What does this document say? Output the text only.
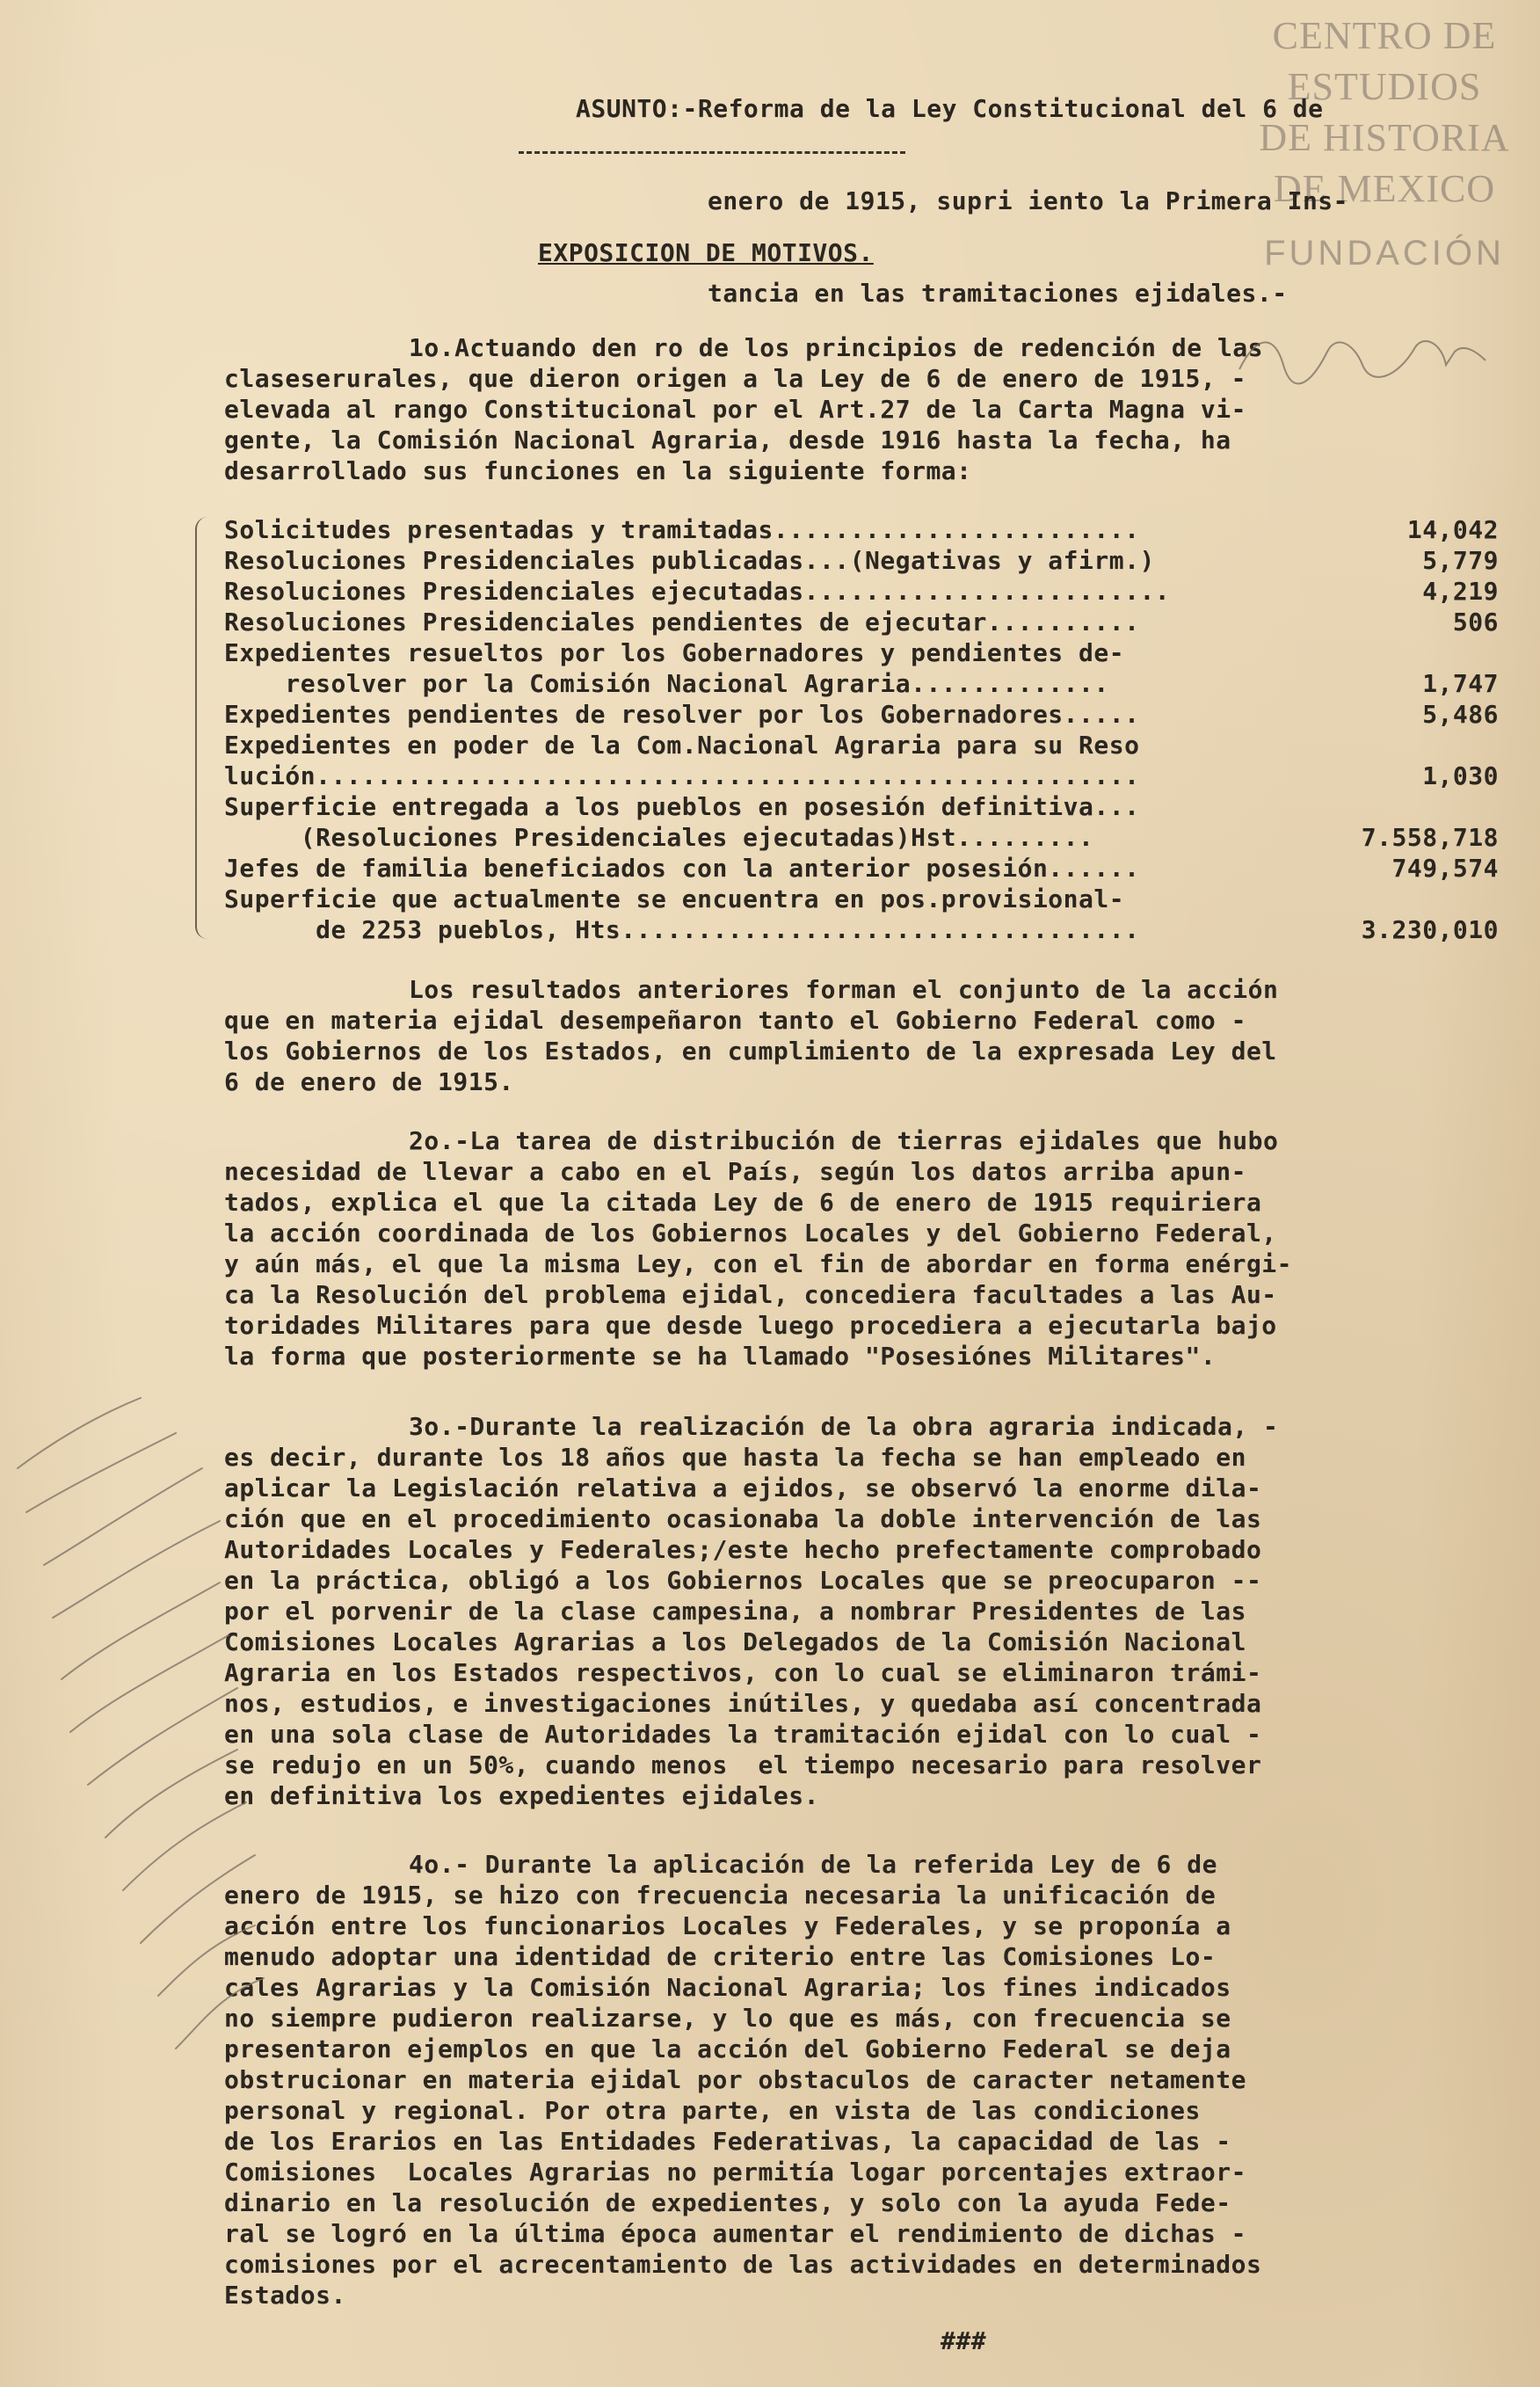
CENTRO DE
ESTUDIOS
DE HISTORIA
DE MEXICO
FUNDACIÓN

ASUNTO:-Reforma de la Ley Constitucional del 6 de

enero de 1915, supri iento la Primera Ins-

tancia en las tramitaciones ejidales.-

EXPOSICION DE MOTIVOS.
1o.Actuando den ro de los principios de redención de las
claseserurales, que dieron origen a la Ley de 6 de enero de 1915, -
elevada al rango Constitucional por el Art.27 de la Carta Magna vi-
gente, la Comisión Nacional Agraria, desde 1916 hasta la fecha, ha
desarrollado sus funciones en la siguiente forma:
Solicitudes presentadas y tramitadas........................	14,042
Resoluciones Presidenciales publicadas...(Negativas y afirm.)	5,779
Resoluciones Presidenciales ejecutadas........................	4,219
Resoluciones Presidenciales pendientes de ejecutar..........	506
Expedientes resueltos por los Gobernadores y pendientes de-
resolver por la Comisión Nacional Agraria.............	1,747
Expedientes pendientes de resolver por los Gobernadores.....	5,486
Expedientes en poder de la Com.Nacional Agraria para su Reso
lución......................................................	1,030
Superficie entregada a los pueblos en posesión definitiva...
(Resoluciones Presidenciales ejecutadas)Hst.........	7.558,718
Jefes de familia beneficiados con la anterior posesión......	749,574
Superficie que actualmente se encuentra en pos.provisional-
de 2253 pueblos, Hts..................................	3.230,010
Los resultados anteriores forman el conjunto de la acción
que en materia ejidal desempeñaron tanto el Gobierno Federal como -
los Gobiernos de los Estados, en cumplimiento de la expresada Ley del
6 de enero de 1915.
2o.-La tarea de distribución de tierras ejidales que hubo
necesidad de llevar a cabo en el País, según los datos arriba apun-
tados, explica el que la citada Ley de 6 de enero de 1915 requiriera
la acción coordinada de los Gobiernos Locales y del Gobierno Federal,
y aún más, el que la misma Ley, con el fin de abordar en forma enérgi-
ca la Resolución del problema ejidal, concediera facultades a las Au-
toridades Militares para que desde luego procediera a ejecutarla bajo
la forma que posteriormente se ha llamado "Posesiónes Militares".
3o.-Durante la realización de la obra agraria indicada, -
es decir, durante los 18 años que hasta la fecha se han empleado en
aplicar la Legislación relativa a ejidos, se observó la enorme dila-
ción que en el procedimiento ocasionaba la doble intervención de las
Autoridades Locales y Federales;/este hecho prefectamente comprobado
en la práctica, obligó a los Gobiernos Locales que se preocuparon --
por el porvenir de la clase campesina, a nombrar Presidentes de las
Comisiones Locales Agrarias a los Delegados de la Comisión Nacional
Agraria en los Estados respectivos, con lo cual se eliminaron trámi-
nos, estudios, e investigaciones inútiles, y quedaba así concentrada
en una sola clase de Autoridades la tramitación ejidal con lo cual -
se redujo en un 50%, cuando menos  el tiempo necesario para resolver
en definitiva los expedientes ejidales.
4o.- Durante la aplicación de la referida Ley de 6 de
enero de 1915, se hizo con frecuencia necesaria la unificación de
acción entre los funcionarios Locales y Federales, y se proponía a
menudo adoptar una identidad de criterio entre las Comisiones Lo-
cales Agrarias y la Comisión Nacional Agraria; los fines indicados
no siempre pudieron realizarse, y lo que es más, con frecuencia se
presentaron ejemplos en que la acción del Gobierno Federal se deja
obstrucionar en materia ejidal por obstaculos de caracter netamente
personal y regional. Por otra parte, en vista de las condiciones
de los Erarios en las Entidades Federativas, la capacidad de las -
Comisiones  Locales Agrarias no permitía logar porcentajes extraor-
dinario en la resolución de expedientes, y solo con la ayuda Fede-
ral se logró en la última época aumentar el rendimiento de dichas -
comisiones por el acrecentamiento de las actividades en determinados
Estados.
###
